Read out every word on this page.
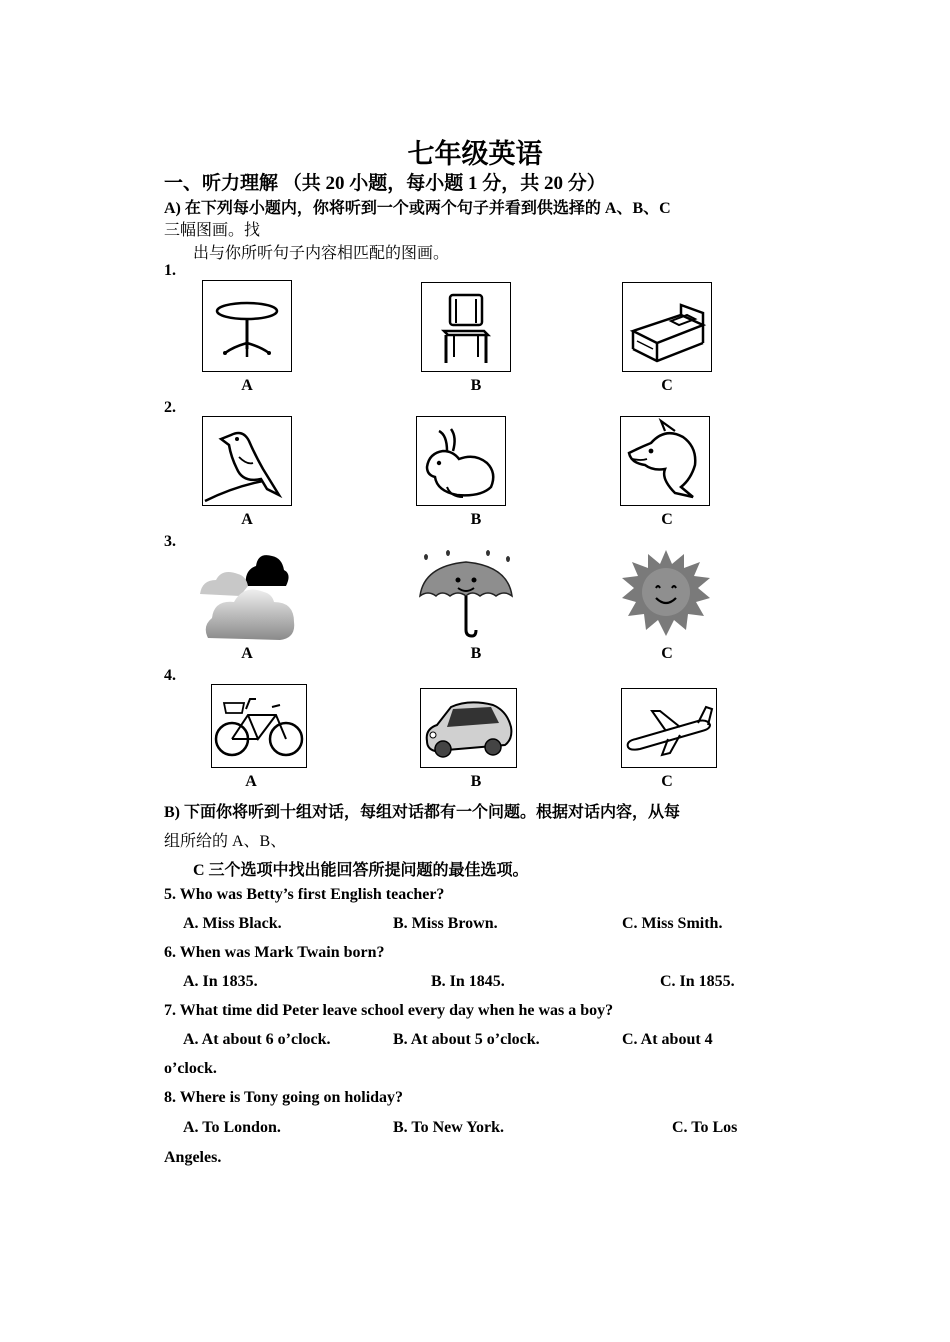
七年级英语
一、听力理解 （共 20 小题，每小题 1 分，共 20 分）
A) 在下列每小题内，你将听到一个或两个句子并看到供选择的 A、B、C
三幅图画。找
出与你所听句子内容相匹配的图画。
1.
A	B	C
2.
A	B	C
3.
A	B	C
4.
A	B	C
B) 下面你将听到十组对话，每组对话都有一个问题。根据对话内容，从每
组所给的 A、B、
C 三个选项中找出能回答所提问题的最佳选项。
5. Who was Betty’s first English teacher?
A. Miss Black.	B. Miss Brown.	C. Miss Smith.
6. When was Mark Twain born?
A. In 1835.	B. In 1845.	C. In 1855.
7. What time did Peter leave school every day when he was a boy?
A. At about 6 o’clock.	B. At about 5 o’clock.	C. At about 4
o’clock.
8. Where is Tony going on holiday?
A. To London.	B. To New York.	C. To Los
Angeles.
